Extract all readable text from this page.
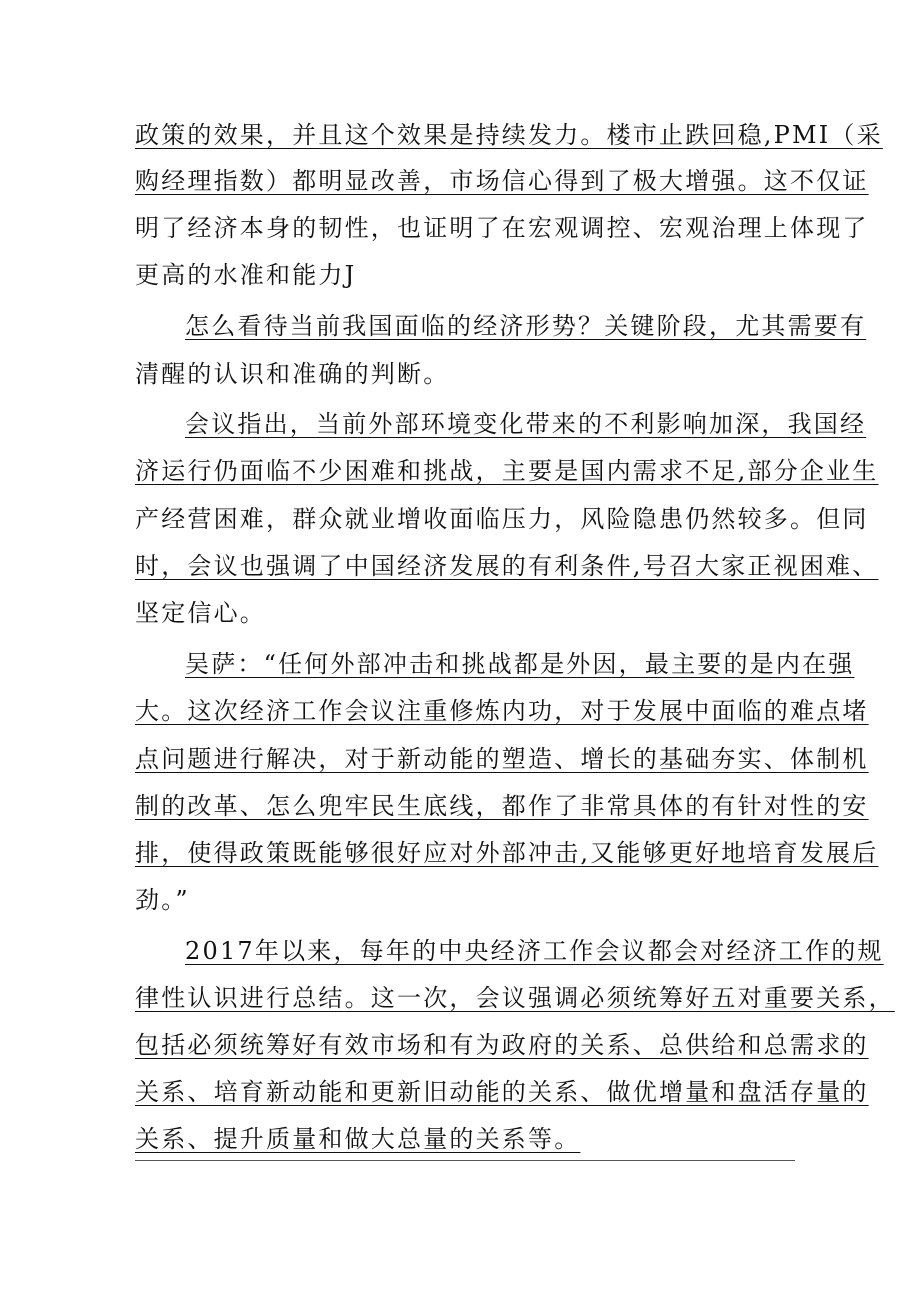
政策的效果，并且这个效果是持续发力。楼市止跌回稳,PMI（采
购经理指数）都明显改善，市场信心得到了极大增强。这不仅证
明了经济本身的韧性，也证明了在宏观调控、宏观治理上体现了
更高的水准和能力J
怎么看待当前我国面临的经济形势？关键阶段，尤其需要有
清醒的认识和准确的判断。
会议指出，当前外部环境变化带来的不利影响加深，我国经
济运行仍面临不少困难和挑战，主要是国内需求不足,部分企业生
产经营困难，群众就业增收面临压力，风险隐患仍然较多。但同
时，会议也强调了中国经济发展的有利条件,号召大家正视困难、
坚定信心。
吴萨：“任何外部冲击和挑战都是外因，最主要的是内在强
大。这次经济工作会议注重修炼内功，对于发展中面临的难点堵
点问题进行解决，对于新动能的塑造、增长的基础夯实、体制机
制的改革、怎么兜牢民生底线，都作了非常具体的有针对性的安
排，使得政策既能够很好应对外部冲击,又能够更好地培育发展后
劲。”
2017年以来，每年的中央经济工作会议都会对经济工作的规
律性认识进行总结。这一次，会议强调必须统筹好五对重要关系，
包括必须统筹好有效市场和有为政府的关系、总供给和总需求的
关系、培育新动能和更新旧动能的关系、做优增量和盘活存量的
关系、提升质量和做大总量的关系等。
